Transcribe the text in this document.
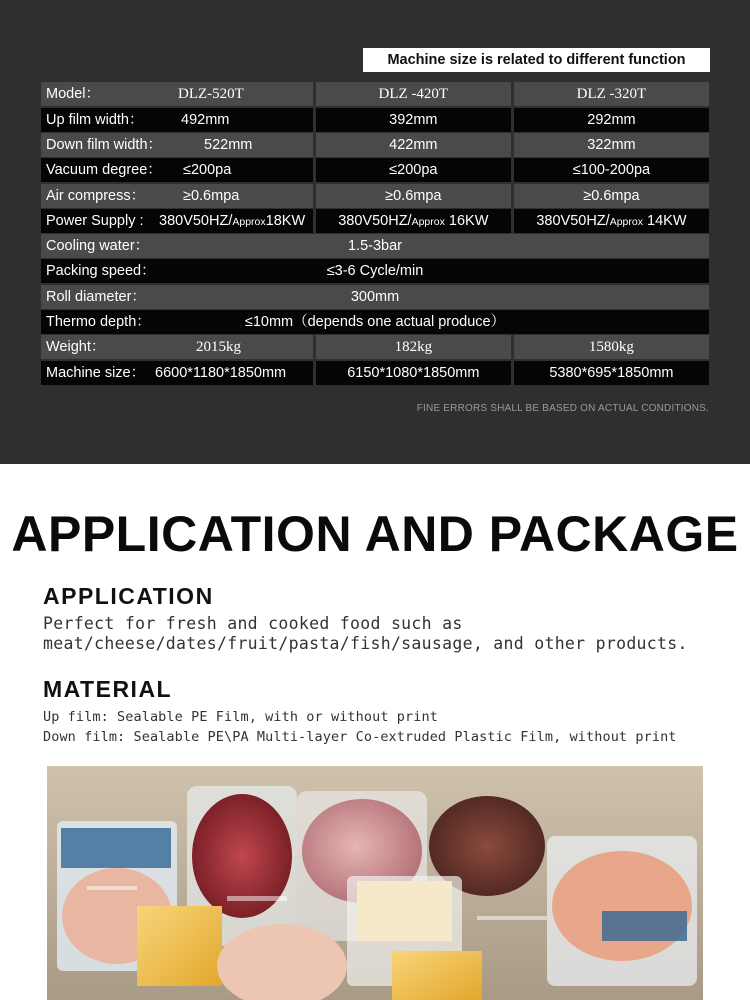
Machine size is related to different function
Model：	DLZ-520T	DLZ -420T	DLZ -320T
Up film width：	492mm	392mm	292mm
Down film width：	522mm	422mm	322mm
Vacuum degree： ≤200pa	≤200pa	≤100-200pa
Air compress：	≥0.6mpa	≥0.6mpa	≥0.6mpa
Power Supply : 380V50HZ/Approx18KW	380V50HZ/Approx 16KW	380V50HZ/Approx 14KW
Cooling water：	1.5-3bar
Packing speed：	≤3-6 Cycle/min
Roll diameter：	300mm
Thermo depth：	≤10mm（depends one actual produce）
Weight：	2015kg	182kg	1580kg
Machine size： 6600*1180*1850mm	6150*1080*1850mm	5380*695*1850mm
FINE ERRORS SHALL BE BASED ON ACTUAL CONDITIONS.
APPLICATION AND PACKAGE
APPLICATION
Perfect for fresh and cooked food such as
meat/cheese/dates/fruit/pasta/fish/sausage, and other products.
MATERIAL
Up film: Sealable PE Film, with or without print
Down film: Sealable PE\PA Multi-layer Co-extruded Plastic Film, without print
